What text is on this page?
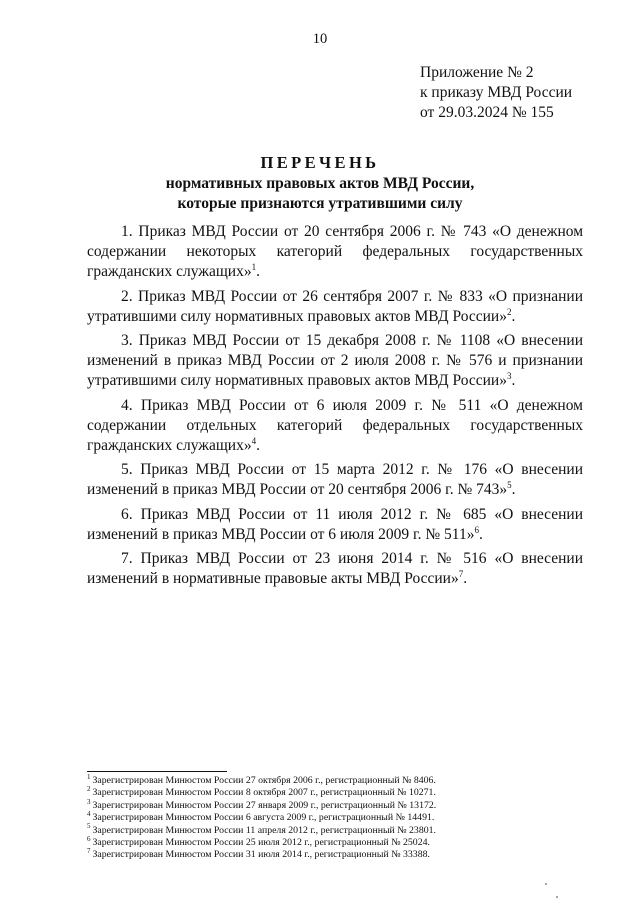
10
Приложение № 2
к приказу МВД России
от 29.03.2024 № 155
ПЕРЕЧЕНЬ
нормативных правовых актов МВД России,
которые признаются утратившими силу

1. Приказ МВД России от 20 сентября 2006 г. № 743 «О денежном содержании некоторых категорий федеральных государственных гражданских служащих»$^1$.

2. Приказ МВД России от 26 сентября 2007 г. № 833 «О признании утратившими силу нормативных правовых актов МВД России»$^2$.

3. Приказ МВД России от 15 декабря 2008 г. № 1108 «О внесении изменений в приказ МВД России от 2 июля 2008 г. № 576 и признании утратившими силу нормативных правовых актов МВД России»$^3$.

4. Приказ МВД России от 6 июля 2009 г. № 511 «О денежном содержании отдельных категорий федеральных государственных гражданских служащих»$^4$.

5. Приказ МВД России от 15 марта 2012 г. № 176 «О внесении изменений в приказ МВД России от 20 сентября 2006 г. № 743»$^5$.

6. Приказ МВД России от 11 июля 2012 г. № 685 «О внесении изменений в приказ МВД России от 6 июля 2009 г. № 511»$^6$.

7. Приказ МВД России от 23 июня 2014 г. № 516 «О внесении изменений в нормативные правовые акты МВД России»$^7$.

$^1$ Зарегистрирован Минюстом России 27 октября 2006 г., регистрационный № 8406.
$^2$ Зарегистрирован Минюстом России 8 октября 2007 г., регистрационный № 10271.
$^3$ Зарегистрирован Минюстом России 27 января 2009 г., регистрационный № 13172.
$^4$ Зарегистрирован Минюстом России 6 августа 2009 г., регистрационный № 14491.
$^5$ Зарегистрирован Минюстом России 11 апреля 2012 г., регистрационный № 23801.
$^6$ Зарегистрирован Минюстом России 25 июля 2012 г., регистрационный № 25024.
$^7$ Зарегистрирован Минюстом России 31 июля 2014 г., регистрационный № 33388.
